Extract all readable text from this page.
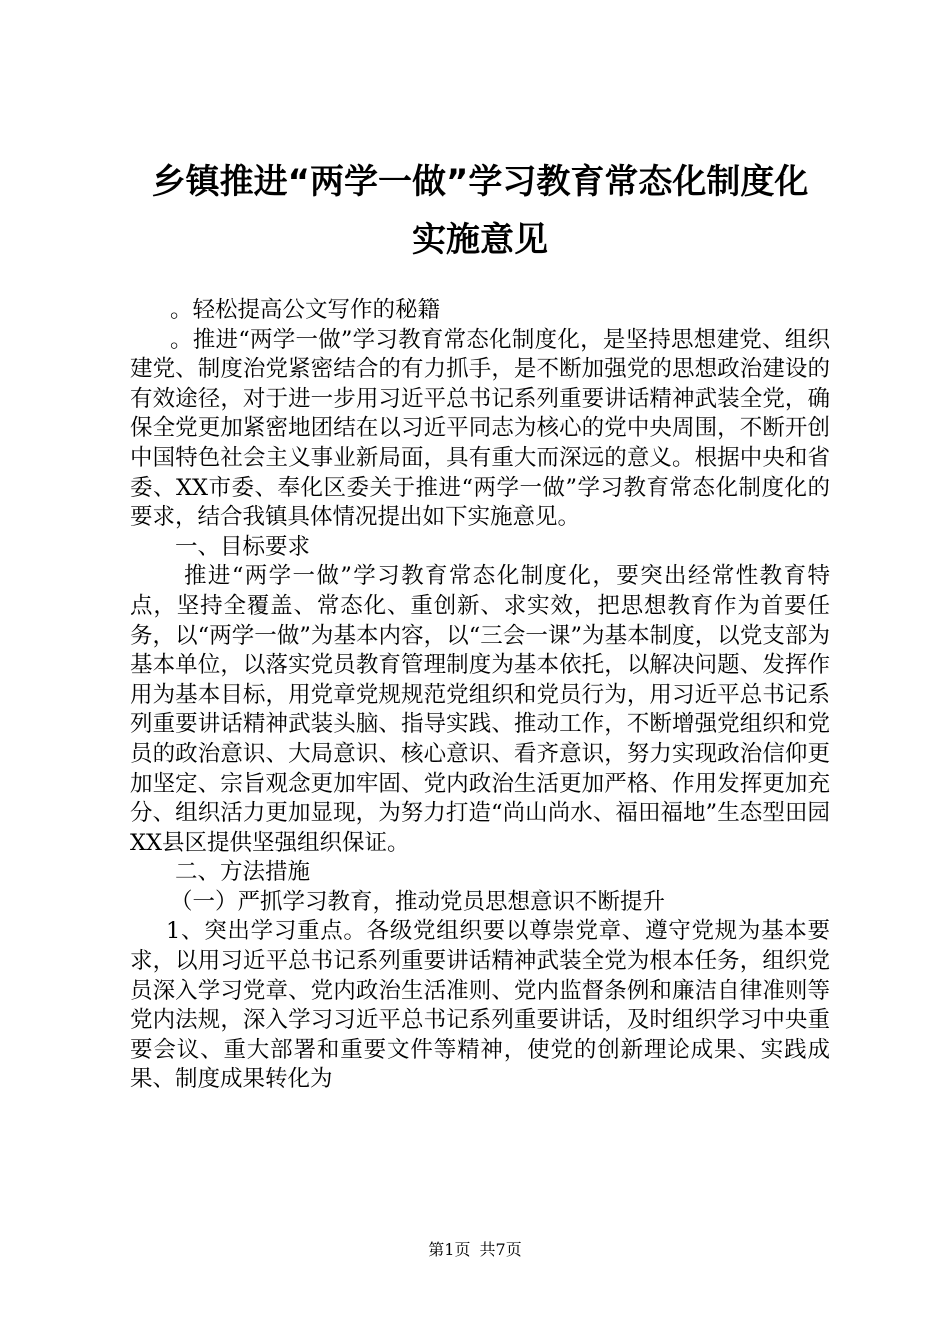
乡镇推进“两学一做”学习教育常态化制度化
实施意见

。轻松提高公文写作的秘籍

。推进“两学一做”学习教育常态化制度化，是坚持思想建党、组织建党、制度治党紧密结合的有力抓手，是不断加强党的思想政治建设的有效途径，对于进一步用习近平总书记系列重要讲话精神武装全党，确保全党更加紧密地团结在以习近平同志为核心的党中央周围，不断开创中国特色社会主义事业新局面，具有重大而深远的意义。根据中央和省委、XX市委、奉化区委关于推进“两学一做”学习教育常态化制度化的要求，结合我镇具体情况提出如下实施意见。

一、目标要求

推进“两学一做”学习教育常态化制度化，要突出经常性教育特点，坚持全覆盖、常态化、重创新、求实效，把思想教育作为首要任务，以“两学一做”为基本内容，以“三会一课”为基本制度，以党支部为基本单位，以落实党员教育管理制度为基本依托，以解决问题、发挥作用为基本目标，用党章党规规范党组织和党员行为，用习近平总书记系列重要讲话精神武装头脑、指导实践、推动工作，不断增强党组织和党员的政治意识、大局意识、核心意识、看齐意识，努力实现政治信仰更加坚定、宗旨观念更加牢固、党内政治生活更加严格、作用发挥更加充分、组织活力更加显现，为努力打造“尚山尚水、福田福地”生态型田园XX县区提供坚强组织保证。

二、方法措施

（一）严抓学习教育，推动党员思想意识不断提升

1、突出学习重点。各级党组织要以尊崇党章、遵守党规为基本要求，以用习近平总书记系列重要讲话精神武装全党为根本任务，组织党员深入学习党章、党内政治生活准则、党内监督条例和廉洁自律准则等党内法规，深入学习习近平总书记系列重要讲话，及时组织学习中央重要会议、重大部署和重要文件等精神，使党的创新理论成果、实践成果、制度成果转化为

第1页 共7页
